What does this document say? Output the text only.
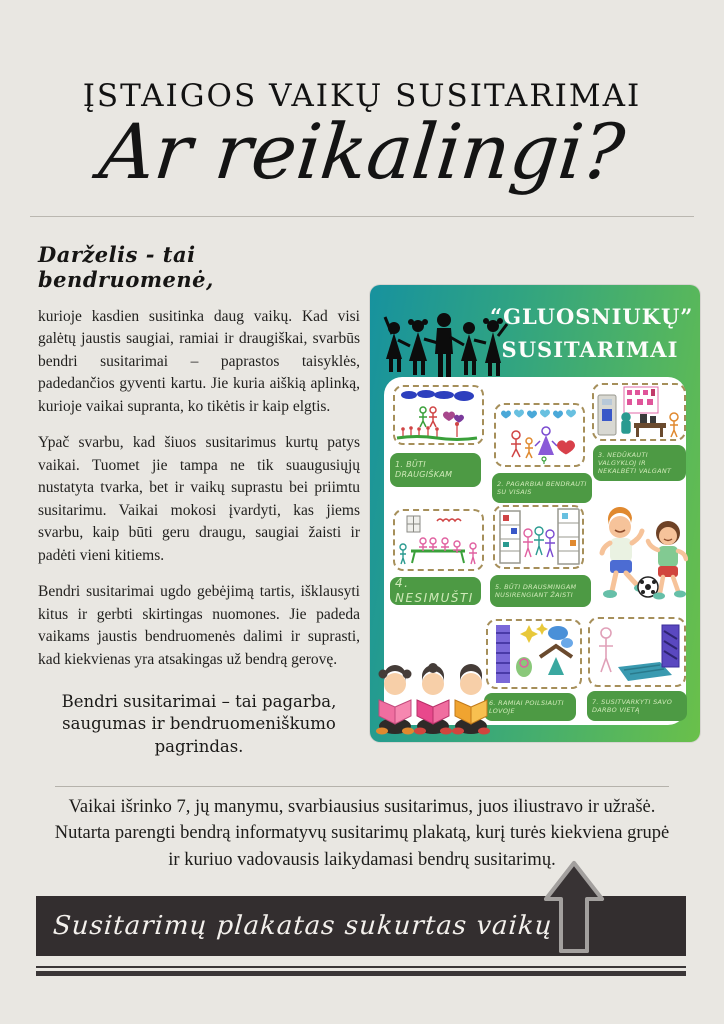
ĮSTAIGOS VAIKŲ SUSITARIMAI
Ar reikalingi?
Darželis - tai bendruomenė,

kurioje kasdien susitinka daug vaikų. Kad visi galėtų jaustis saugiai, ramiai ir draugiškai, svarbūs bendri susitarimai – paprastos taisyklės, padedančios gyventi kartu. Jie kuria aiškią aplinką, kurioje vaikai supranta, ko tikėtis ir kaip elgtis.

Ypač svarbu, kad šiuos susitarimus kurtų patys vaikai. Tuomet jie tampa ne tik suaugusiųjų nustatyta tvarka, bet ir vaikų suprastu bei priimtu susitarimu. Vaikai mokosi įvardyti, kas jiems svarbu, kaip būti geru draugu, saugiai žaisti ir padėti vieni kitiems.

Bendri susitarimai ugdo gebėjimą tartis, išklausyti kitus ir gerbti skirtingas nuomones. Jie padeda vaikams jaustis bendruomenės dalimi ir suprasti, kad kiekvienas yra atsakingas už bendrą gerovę.

Bendri susitarimai – tai pagarba, saugumas ir bendruomeniškumo pagrindas.
“GLUOSNIUKŲ”
SUSITARIMAI
1. BŪTI DRAUGIŠKAM
2. PAGARBIAI BENDRAUTI SU VISAIS
3. NEDŪKAUTI VALGYKLOJ IR NEKALBĖTI VALGANT
4. NESIMUŠTI
5. BŪTI DRAUSMINGAM NUSIRENGIANT ŽAISTI
6. RAMIAI POILSIAUTI LOVOJE
7. SUSITVARKYTI SAVO DARBO VIETĄ
Vaikai išrinko 7, jų manymu, svarbiausius susitarimus, juos iliustravo ir užrašė. Nutarta parengti bendrą informatyvų susitarimų plakatą, kurį turės kiekviena grupė ir kuriuo vadovausis laikydamasi bendrų susitarimų.
Susitarimų plakatas sukurtas vaikų
